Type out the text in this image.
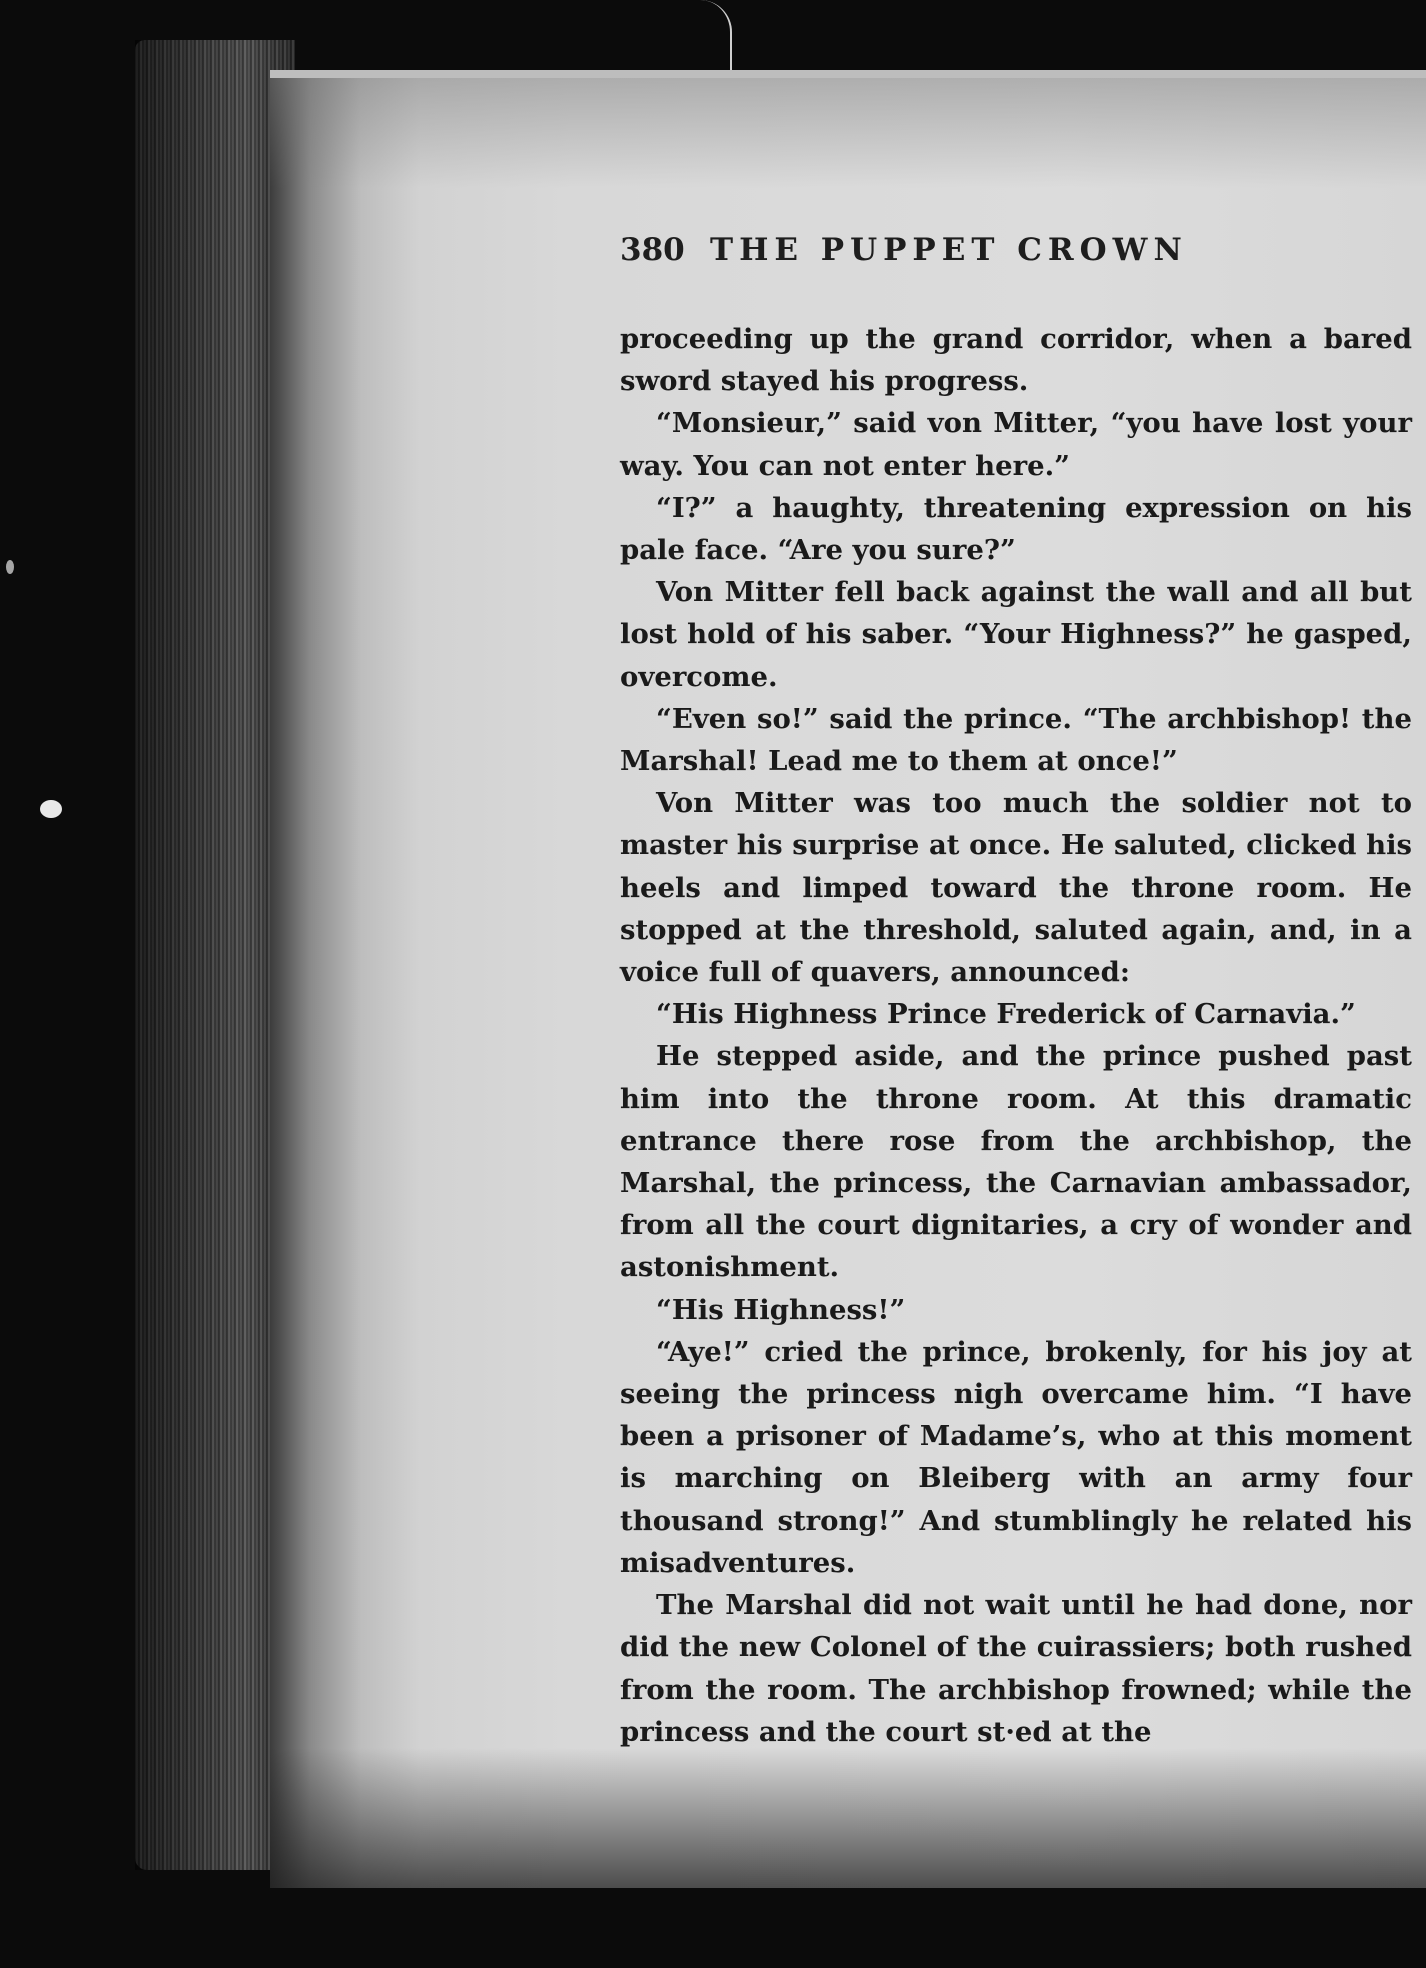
380 THE PUPPET CROWN

proceeding up the grand corridor, when a bared sword stayed his progress.

“Monsieur,” said von Mitter, “you have lost your way. You can not enter here.”

“I?” a haughty, threatening expression on his pale face. “Are you sure?”

Von Mitter fell back against the wall and all but lost hold of his saber. “Your Highness?” he gasped, overcome.

“Even so!” said the prince. “The archbishop! the Marshal! Lead me to them at once!”

Von Mitter was too much the soldier not to master his surprise at once. He saluted, clicked his heels and limped toward the throne room. He stopped at the threshold, saluted again, and, in a voice full of quavers, announced:

“His Highness Prince Frederick of Carnavia.”

He stepped aside, and the prince pushed past him into the throne room. At this dramatic entrance there rose from the archbishop, the Marshal, the princess, the Carnavian ambassador, from all the court dignitaries, a cry of wonder and astonishment.

“His Highness!”

“Aye!” cried the prince, brokenly, for his joy at seeing the princess nigh overcame him. “I have been a prisoner of Madame’s, who at this moment is marching on Bleiberg with an army four thousand strong!” And stumblingly he related his misadventures.

The Marshal did not wait until he had done, nor did the new Colonel of the cuirassiers; both rushed from the room. The archbishop frowned; while the princess and the court st·ed at the
